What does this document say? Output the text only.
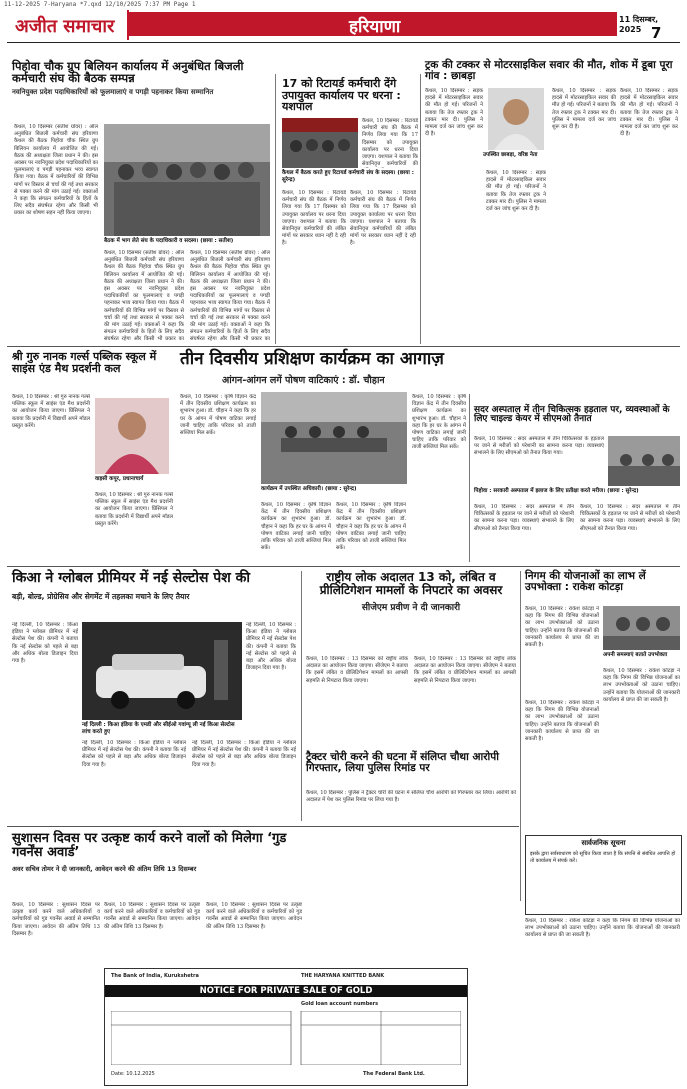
11-12-2025 7-Haryana *7.qxd 12/10/2025 7:37 PM Page 1
अजीत समाचार	हरियाणा	11 दिसम्बर, 2025 7
पिहोवा चौक ग्रुप बिलियन कार्यालय में अनुबंधित बिजली कर्मचारी संघ की बैठक सम्पन्न
नवनियुक्त प्रदेश पदाधिकारियों को फूलमालाएं व पगड़ी पहनाकर किया सम्मानित
कैथल, 10 दिसम्बर (सतीश ग्रोवर) : ऑल अनुबंधित बिजली कर्मचारी संघ हरियाणा कैथल की बैठक पिहोवा चौक स्थित ग्रुप बिलियन कार्यालय में आयोजित की गई। बैठक की अध्यक्षता जिला प्रधान ने की। इस अवसर पर नवनियुक्त प्रदेश पदाधिकारियों का फूलमालाएं व पगड़ी पहनाकर भव्य स्वागत किया गया। बैठक में कर्मचारियों की विभिन्न मांगों पर विस्तार से चर्चा की गई तथा सरकार से पक्का करने की मांग उठाई गई। वक्ताओं ने कहा कि संगठन कर्मचारियों के हितों के लिए सदैव संघर्षरत रहेगा और किसी भी प्रकार का शोषण सहन नहीं किया जाएगा।
बैठक में भाग लेते संघ के पदाधिकारी व सदस्य। (छाया : सतीश)
कैथल, 10 दिसम्बर (सतीश ग्रोवर) : ऑल अनुबंधित बिजली कर्मचारी संघ हरियाणा कैथल की बैठक पिहोवा चौक स्थित ग्रुप बिलियन कार्यालय में आयोजित की गई। बैठक की अध्यक्षता जिला प्रधान ने की। इस अवसर पर नवनियुक्त प्रदेश पदाधिकारियों का फूलमालाएं व पगड़ी पहनाकर भव्य स्वागत किया गया। बैठक में कर्मचारियों की विभिन्न मांगों पर विस्तार से चर्चा की गई तथा सरकार से पक्का करने की मांग उठाई गई। वक्ताओं ने कहा कि संगठन कर्मचारियों के हितों के लिए सदैव संघर्षरत रहेगा और किसी भी प्रकार का
कैथल, 10 दिसम्बर (सतीश ग्रोवर) : ऑल अनुबंधित बिजली कर्मचारी संघ हरियाणा कैथल की बैठक पिहोवा चौक स्थित ग्रुप बिलियन कार्यालय में आयोजित की गई। बैठक की अध्यक्षता जिला प्रधान ने की। इस अवसर पर नवनियुक्त प्रदेश पदाधिकारियों का फूलमालाएं व पगड़ी पहनाकर भव्य स्वागत किया गया। बैठक में कर्मचारियों की विभिन्न मांगों पर विस्तार से चर्चा की गई तथा सरकार से पक्का करने की मांग उठाई गई। वक्ताओं ने कहा कि संगठन कर्मचारियों के हितों के लिए सदैव संघर्षरत रहेगा और किसी भी प्रकार का
17 को रिटायर्ड कर्मचारी देंगे उपायुक्त कार्यालय पर धरना : यशपाल
कैथल में बैठक करते हुए रिटायर्ड कर्मचारी संघ के सदस्य। (छाया : सुरेन्द्र)
कैथल, 10 दिसम्बर : रिटायर्ड कर्मचारी संघ की बैठक में निर्णय लिया गया कि 17 दिसम्बर को उपायुक्त कार्यालय पर धरना दिया जाएगा। यशपाल ने बताया कि सेवानिवृत्त कर्मचारियों की
कैथल, 10 दिसम्बर : रिटायर्ड कर्मचारी संघ की बैठक में निर्णय लिया गया कि 17 दिसम्बर को उपायुक्त कार्यालय पर धरना दिया जाएगा। यशपाल ने बताया कि सेवानिवृत्त कर्मचारियों की लंबित मांगों पर सरकार ध्यान नहीं दे रही है।
कैथल, 10 दिसम्बर : रिटायर्ड कर्मचारी संघ की बैठक में निर्णय लिया गया कि 17 दिसम्बर को उपायुक्त कार्यालय पर धरना दिया जाएगा। यशपाल ने बताया कि सेवानिवृत्त कर्मचारियों की लंबित मांगों पर सरकार ध्यान नहीं दे रही है।
ट्रक की टक्कर से मोटरसाइकिल सवार की मौत, शोक में डूबा पूरा गांव : छाबड़ा
उपस्थित छाबड़ा, वरिष्ठ नेता
कैथल, 10 दिसम्बर : सड़क हादसे में मोटरसाइकिल सवार की मौत हो गई। परिजनों ने बताया कि तेज रफ्तार ट्रक ने टक्कर मार दी। पुलिस ने मामला दर्ज कर जांच शुरू कर दी है।
कैथल, 10 दिसम्बर : सड़क हादसे में मोटरसाइकिल सवार की मौत हो गई। परिजनों ने बताया कि तेज रफ्तार ट्रक ने टक्कर मार दी। पुलिस ने मामला दर्ज कर जांच शुरू कर दी है।
कैथल, 10 दिसम्बर : सड़क हादसे में मोटरसाइकिल सवार की मौत हो गई। परिजनों ने बताया कि तेज रफ्तार ट्रक ने टक्कर मार दी। पुलिस ने मामला दर्ज कर जांच शुरू कर दी है।
कैथल, 10 दिसम्बर : सड़क हादसे में मोटरसाइकिल सवार की मौत हो गई। परिजनों ने बताया कि तेज रफ्तार ट्रक ने टक्कर मार दी। पुलिस ने मामला दर्ज कर जांच शुरू कर दी है।
श्री गुरु नानक गर्ल्स पब्लिक स्कूल में साइंस एंड मैथ प्रदर्शनी कल
वाइसी कपूर, प्रधानाचार्य
कैथल, 10 दिसम्बर : श्री गुरु नानक गर्ल्स पब्लिक स्कूल में साइंस एंड मैथ प्रदर्शनी का आयोजन किया जाएगा। प्रिंसिपल ने बताया कि प्रदर्शनी में विद्यार्थी अपने मॉडल प्रस्तुत करेंगे।
कैथल, 10 दिसम्बर : श्री गुरु नानक गर्ल्स पब्लिक स्कूल में साइंस एंड मैथ प्रदर्शनी का आयोजन किया जाएगा। प्रिंसिपल ने बताया कि प्रदर्शनी में विद्यार्थी अपने मॉडल प्रस्तुत करेंगे।
तीन दिवसीय प्रशिक्षण कार्यक्रम का आगाज़
आंगन-आंगन लगें पोषण वाटिकाएं : डॉ. चौहान
कैथल, 10 दिसम्बर : कृषि विज्ञान केंद्र में तीन दिवसीय प्रशिक्षण कार्यक्रम का शुभारंभ हुआ। डॉ. चौहान ने कहा कि हर घर के आंगन में पोषण वाटिका लगाई जानी चाहिए ताकि परिवार को ताजी सब्जियां मिल सकें।
कार्यक्रम में उपस्थित अधिकारी। (छाया : सुरेन्द्र)
कैथल, 10 दिसम्बर : कृषि विज्ञान केंद्र में तीन दिवसीय प्रशिक्षण कार्यक्रम का शुभारंभ हुआ। डॉ. चौहान ने कहा कि हर घर के आंगन में पोषण वाटिका लगाई जानी चाहिए ताकि परिवार को ताजी सब्जियां मिल सकें।
कैथल, 10 दिसम्बर : कृषि विज्ञान केंद्र में तीन दिवसीय प्रशिक्षण कार्यक्रम का शुभारंभ हुआ। डॉ. चौहान ने कहा कि हर घर के आंगन में पोषण वाटिका लगाई जानी चाहिए ताकि परिवार को ताजी सब्जियां मिल सकें।
कैथल, 10 दिसम्बर : कृषि विज्ञान केंद्र में तीन दिवसीय प्रशिक्षण कार्यक्रम का शुभारंभ हुआ। डॉ. चौहान ने कहा कि हर घर के आंगन में पोषण वाटिका लगाई जानी चाहिए ताकि परिवार को ताजी सब्जियां मिल सकें।
सदर अस्पताल में तीन चिकित्सक हड़ताल पर, व्यवस्थाओं के लिए चाइल्ड केयर में सीएमओ तैनात
कैथल, 10 दिसम्बर : सदर अस्पताल में तीन चिकित्सकों के हड़ताल पर जाने से मरीजों को परेशानी का सामना करना पड़ा। व्यवस्थाएं संभालने के लिए सीएमओ को तैनात किया गया।
पिहोवा : सरकारी अस्पताल में इलाज के लिए प्रतीक्षा करते मरीज। (छाया : सुरेन्द्र)
कैथल, 10 दिसम्बर : सदर अस्पताल में तीन चिकित्सकों के हड़ताल पर जाने से मरीजों को परेशानी का सामना करना पड़ा। व्यवस्थाएं संभालने के लिए सीएमओ को तैनात किया गया।
कैथल, 10 दिसम्बर : सदर अस्पताल में तीन चिकित्सकों के हड़ताल पर जाने से मरीजों को परेशानी का सामना करना पड़ा। व्यवस्थाएं संभालने के लिए सीएमओ को तैनात किया गया।
किआ ने ग्लोबल प्रीमियर में नई सेल्टोस पेश की
बड़ी, बोल्ड, प्रोग्रेसिव और सेगमेंट में तहलका मचाने के लिए तैयार
नई दिल्ली, 10 दिसम्बर : किआ इंडिया ने ग्लोबल प्रीमियर में नई सेल्टोस पेश की। कंपनी ने बताया कि नई सेल्टोस को पहले से बड़ा और अधिक बोल्ड डिजाइन दिया गया है।
नई दिल्ली : किआ इंडिया के एमडी और सीईओ गवांग्यू ली नई किआ सेल्टोस लांच करते हुए
नई दिल्ली, 10 दिसम्बर : किआ इंडिया ने ग्लोबल प्रीमियर में नई सेल्टोस पेश की। कंपनी ने बताया कि नई सेल्टोस को पहले से बड़ा और अधिक बोल्ड डिजाइन दिया गया है।
नई दिल्ली, 10 दिसम्बर : किआ इंडिया ने ग्लोबल प्रीमियर में नई सेल्टोस पेश की। कंपनी ने बताया कि नई सेल्टोस को पहले से बड़ा और अधिक बोल्ड डिजाइन दिया गया है।
नई दिल्ली, 10 दिसम्बर : किआ इंडिया ने ग्लोबल प्रीमियर में नई सेल्टोस पेश की। कंपनी ने बताया कि नई सेल्टोस को पहले से बड़ा और अधिक बोल्ड डिजाइन दिया गया है।
राष्ट्रीय लोक अदालत 13 को, लंबित व प्रीलिटिगेशन मामलों के निपटारे का अवसर
सीजेएम प्रवीण ने दी जानकारी
कैथल, 10 दिसम्बर : 13 दिसम्बर को राष्ट्रीय लोक अदालत का आयोजन किया जाएगा। सीजेएम ने बताया कि इसमें लंबित व प्रीलिटिगेशन मामलों का आपसी सहमति से निपटारा किया जाएगा।
कैथल, 10 दिसम्बर : 13 दिसम्बर को राष्ट्रीय लोक अदालत का आयोजन किया जाएगा। सीजेएम ने बताया कि इसमें लंबित व प्रीलिटिगेशन मामलों का आपसी सहमति से निपटारा किया जाएगा।
ट्रैक्टर चोरी करने की घटना में संलिप्त चौथा आरोपी गिरफ्तार, लिया पुलिस रिमांड पर
कैथल, 10 दिसम्बर : पुलिस ने ट्रैक्टर चोरी की घटना में संलिप्त चौथे आरोपी को गिरफ्तार कर लिया। आरोपी को अदालत में पेश कर पुलिस रिमांड पर लिया गया है।
निगम की योजनाओं का लाभ लें उपभोक्ता : राकेश कोटड़ा
कैथल, 10 दिसम्बर : राकेश कोटड़ा ने कहा कि निगम की विभिन्न योजनाओं का लाभ उपभोक्ताओं को उठाना चाहिए। उन्होंने बताया कि योजनाओं की जानकारी कार्यालय से प्राप्त की जा सकती है।
अपनी समस्याएं बताते उपभोक्ता
कैथल, 10 दिसम्बर : राकेश कोटड़ा ने कहा कि निगम की विभिन्न योजनाओं का लाभ उपभोक्ताओं को उठाना चाहिए। उन्होंने बताया कि योजनाओं की जानकारी कार्यालय से प्राप्त की जा सकती है।
कैथल, 10 दिसम्बर : राकेश कोटड़ा ने कहा कि निगम की विभिन्न योजनाओं का लाभ उपभोक्ताओं को उठाना चाहिए। उन्होंने बताया कि योजनाओं की जानकारी कार्यालय से प्राप्त की जा सकती है।
सार्वजनिक सूचना
इसके द्वारा सर्वसाधारण को सूचित किया जाता है कि संपत्ति से संबंधित आपत्ति हो तो कार्यालय में संपर्क करें।
सुशासन दिवस पर उत्कृष्ट कार्य करने वालों को मिलेगा ‘गुड गवर्नेंस अवार्ड’
अवर सचिव तोमर ने दी जानकारी, आवेदन करने की अंतिम तिथि 13 दिसम्बर
कैथल, 10 दिसम्बर : सुशासन दिवस पर उत्कृष्ट कार्य करने वाले अधिकारियों व कर्मचारियों को गुड गवर्नेंस अवार्ड से सम्मानित किया जाएगा। आवेदन की अंतिम तिथि 13 दिसम्बर है।
कैथल, 10 दिसम्बर : सुशासन दिवस पर उत्कृष्ट कार्य करने वाले अधिकारियों व कर्मचारियों को गुड गवर्नेंस अवार्ड से सम्मानित किया जाएगा। आवेदन की अंतिम तिथि 13 दिसम्बर है।
कैथल, 10 दिसम्बर : सुशासन दिवस पर उत्कृष्ट कार्य करने वाले अधिकारियों व कर्मचारियों को गुड गवर्नेंस अवार्ड से सम्मानित किया जाएगा। आवेदन की अंतिम तिथि 13 दिसम्बर है।
The Bank of India, Kurukshetra	THE HARYANA KNITTED BANK
NOTICE FOR PRIVATE SALE OF GOLD
Gold loan account numbers
Date: 10.12.2025	The Federal Bank Ltd.
कैथल, 10 दिसम्बर : राकेश कोटड़ा ने कहा कि निगम की विभिन्न योजनाओं का लाभ उपभोक्ताओं को उठाना चाहिए। उन्होंने बताया कि योजनाओं की जानकारी कार्यालय से प्राप्त की जा सकती है।
